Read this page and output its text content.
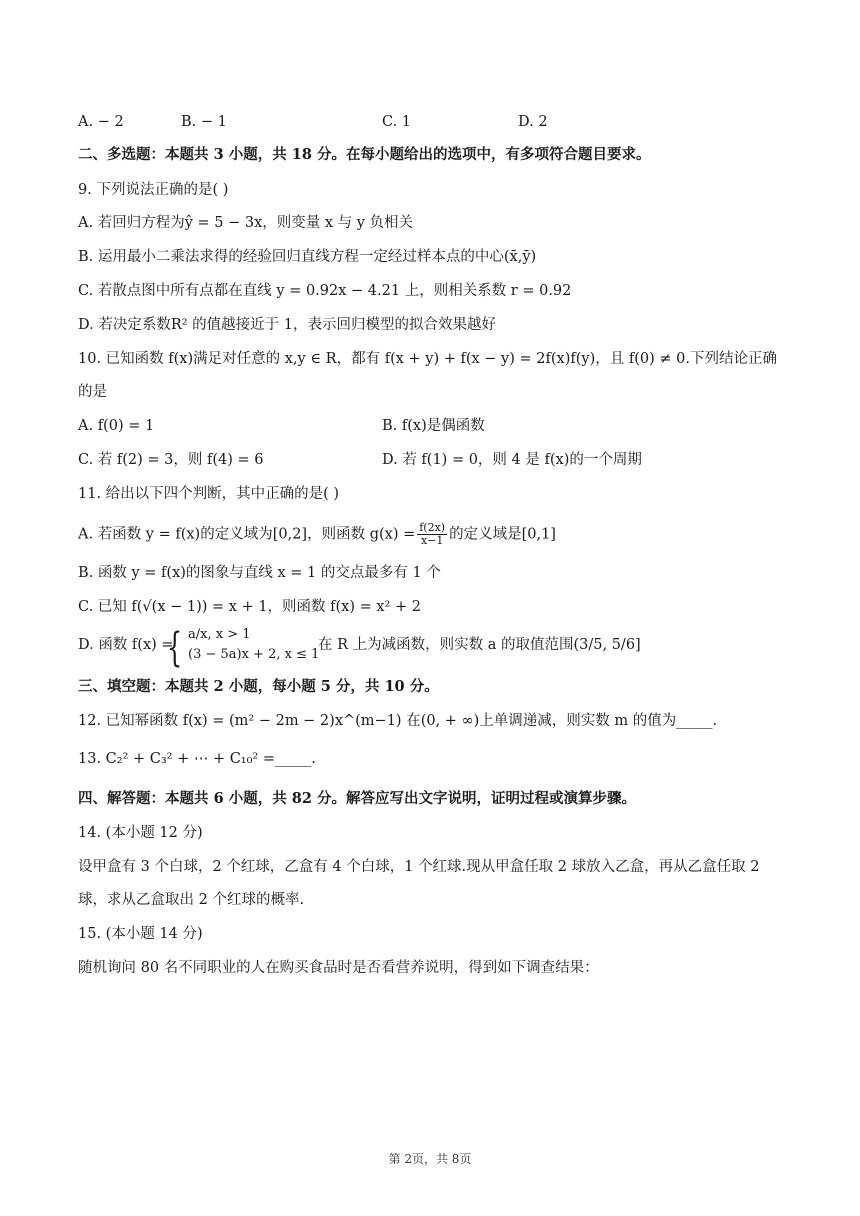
A. − 2	B. − 1	C. 1	D. 2
二、多选题：本题共 3 小题，共 18 分。在每小题给出的选项中，有多项符合题目要求。
9. 下列说法正确的是( )
A. 若回归方程为ŷ = 5 − 3x，则变量 x 与 y 负相关
B. 运用最小二乘法求得的经验回归直线方程一定经过样本点的中心(x̄,ȳ)
C. 若散点图中所有点都在直线 y = 0.92x − 4.21 上，则相关系数 r = 0.92
D. 若决定系数R² 的值越接近于 1，表示回归模型的拟合效果越好
10. 已知函数 f(x)满足对任意的 x,y ∈ R，都有 f(x + y) + f(x − y) = 2f(x)f(y)，且 f(0) ≠ 0.下列结论正确
的是
A. f(0) = 1	B. f(x)是偶函数
C. 若 f(2) = 3，则 f(4) = 6	D. 若 f(1) = 0，则 4 是 f(x)的一个周期
11. 给出以下四个判断，其中正确的是( )
A. 若函数 y = f(x)的定义域为[0,2]，则函数 $g(x) = \frac{f(2x)}{x-1}$ 的定义域是[0,1]
B. 函数 y = f(x)的图象与直线 x = 1 的交点最多有 1 个
C. 已知 f(√(x − 1)) = x + 1，则函数 f(x) = x² + 2
D. 函数 f(x) =
{ a/x, x > 1
(3 − 5a)x + 2, x ≤ 1
在 R 上为减函数，则实数 a 的取值范围(3/5, 5/6]
三、填空题：本题共 2 小题，每小题 5 分，共 10 分。
12. 已知幂函数 f(x) = (m² − 2m − 2)x^(m−1) 在(0, + ∞)上单调递减，则实数 m 的值为_____.
13. C₂² + C₃² + ⋯ + C₁₀² =_____.
四、解答题：本题共 6 小题，共 82 分。解答应写出文字说明，证明过程或演算步骤。
14. (本小题 12 分)
设甲盒有 3 个白球，2 个红球，乙盒有 4 个白球，1 个红球.现从甲盒任取 2 球放入乙盒，再从乙盒任取 2
球，求从乙盒取出 2 个红球的概率.
15. (本小题 14 分)
随机询问 80 名不同职业的人在购买食品时是否看营养说明，得到如下调查结果：
第 2页，共 8页
